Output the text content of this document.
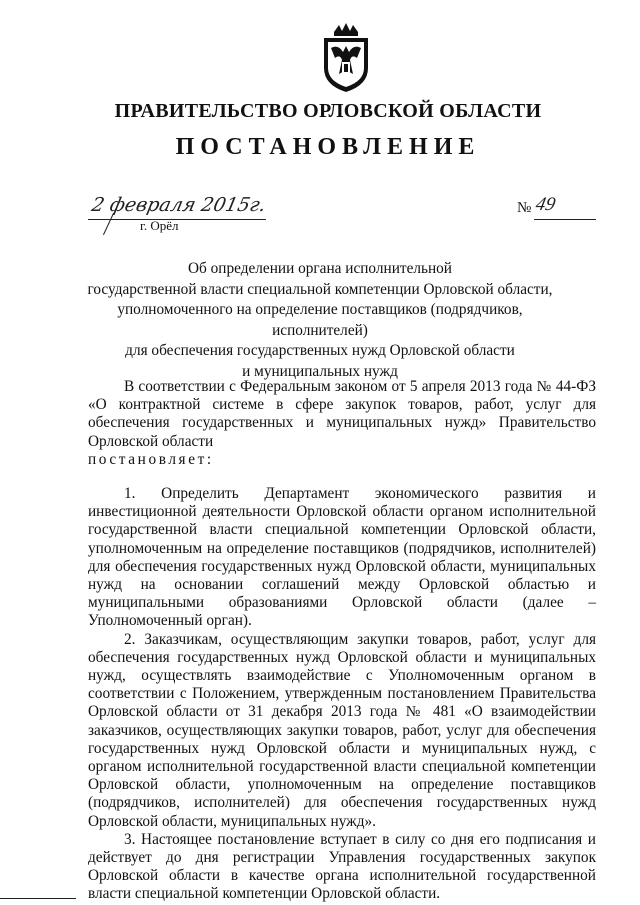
ПРАВИТЕЛЬСТВО ОРЛОВСКОЙ ОБЛАСТИ
ПОСТАНОВЛЕНИЕ
2 февраля 2015г.
г. Орёл
№ 49
Об определении органа исполнительной
государственной власти специальной компетенции Орловской области,
уполномоченного на определение поставщиков (подрядчиков, исполнителей)
для обеспечения государственных нужд Орловской области
и муниципальных нужд

В соответствии с Федеральным законом от 5 апреля 2013 года № 44-ФЗ «О контрактной системе в сфере закупок товаров, работ, услуг для обеспечения государственных и муниципальных нужд» Правительство Орловской области

постановляет:

1. Определить Департамент экономического развития и инвестиционной деятельности Орловской области органом исполнительной государственной власти специальной компетенции Орловской области, уполномоченным на определение поставщиков (подрядчиков, исполнителей) для обеспечения государственных нужд Орловской области, муниципальных нужд на основании соглашений между Орловской областью и муниципальными образованиями Орловской области (далее – Уполномоченный орган).

2. Заказчикам, осуществляющим закупки товаров, работ, услуг для обеспечения государственных нужд Орловской области и муниципальных нужд, осуществлять взаимодействие с Уполномоченным органом в соответствии с Положением, утвержденным постановлением Правительства Орловской области от 31 декабря 2013 года № 481 «О взаимодействии заказчиков, осуществляющих закупки товаров, работ, услуг для обеспечения государственных нужд Орловской области и муниципальных нужд, с органом исполнительной государственной власти специальной компетенции Орловской области, уполномоченным на определение поставщиков (подрядчиков, исполнителей) для обеспечения государственных нужд Орловской области, муниципальных нужд».

3. Настоящее постановление вступает в силу со дня его подписания и действует до дня регистрации Управления государственных закупок Орловской области в качестве органа исполнительной государственной власти специальной компетенции Орловской области.
